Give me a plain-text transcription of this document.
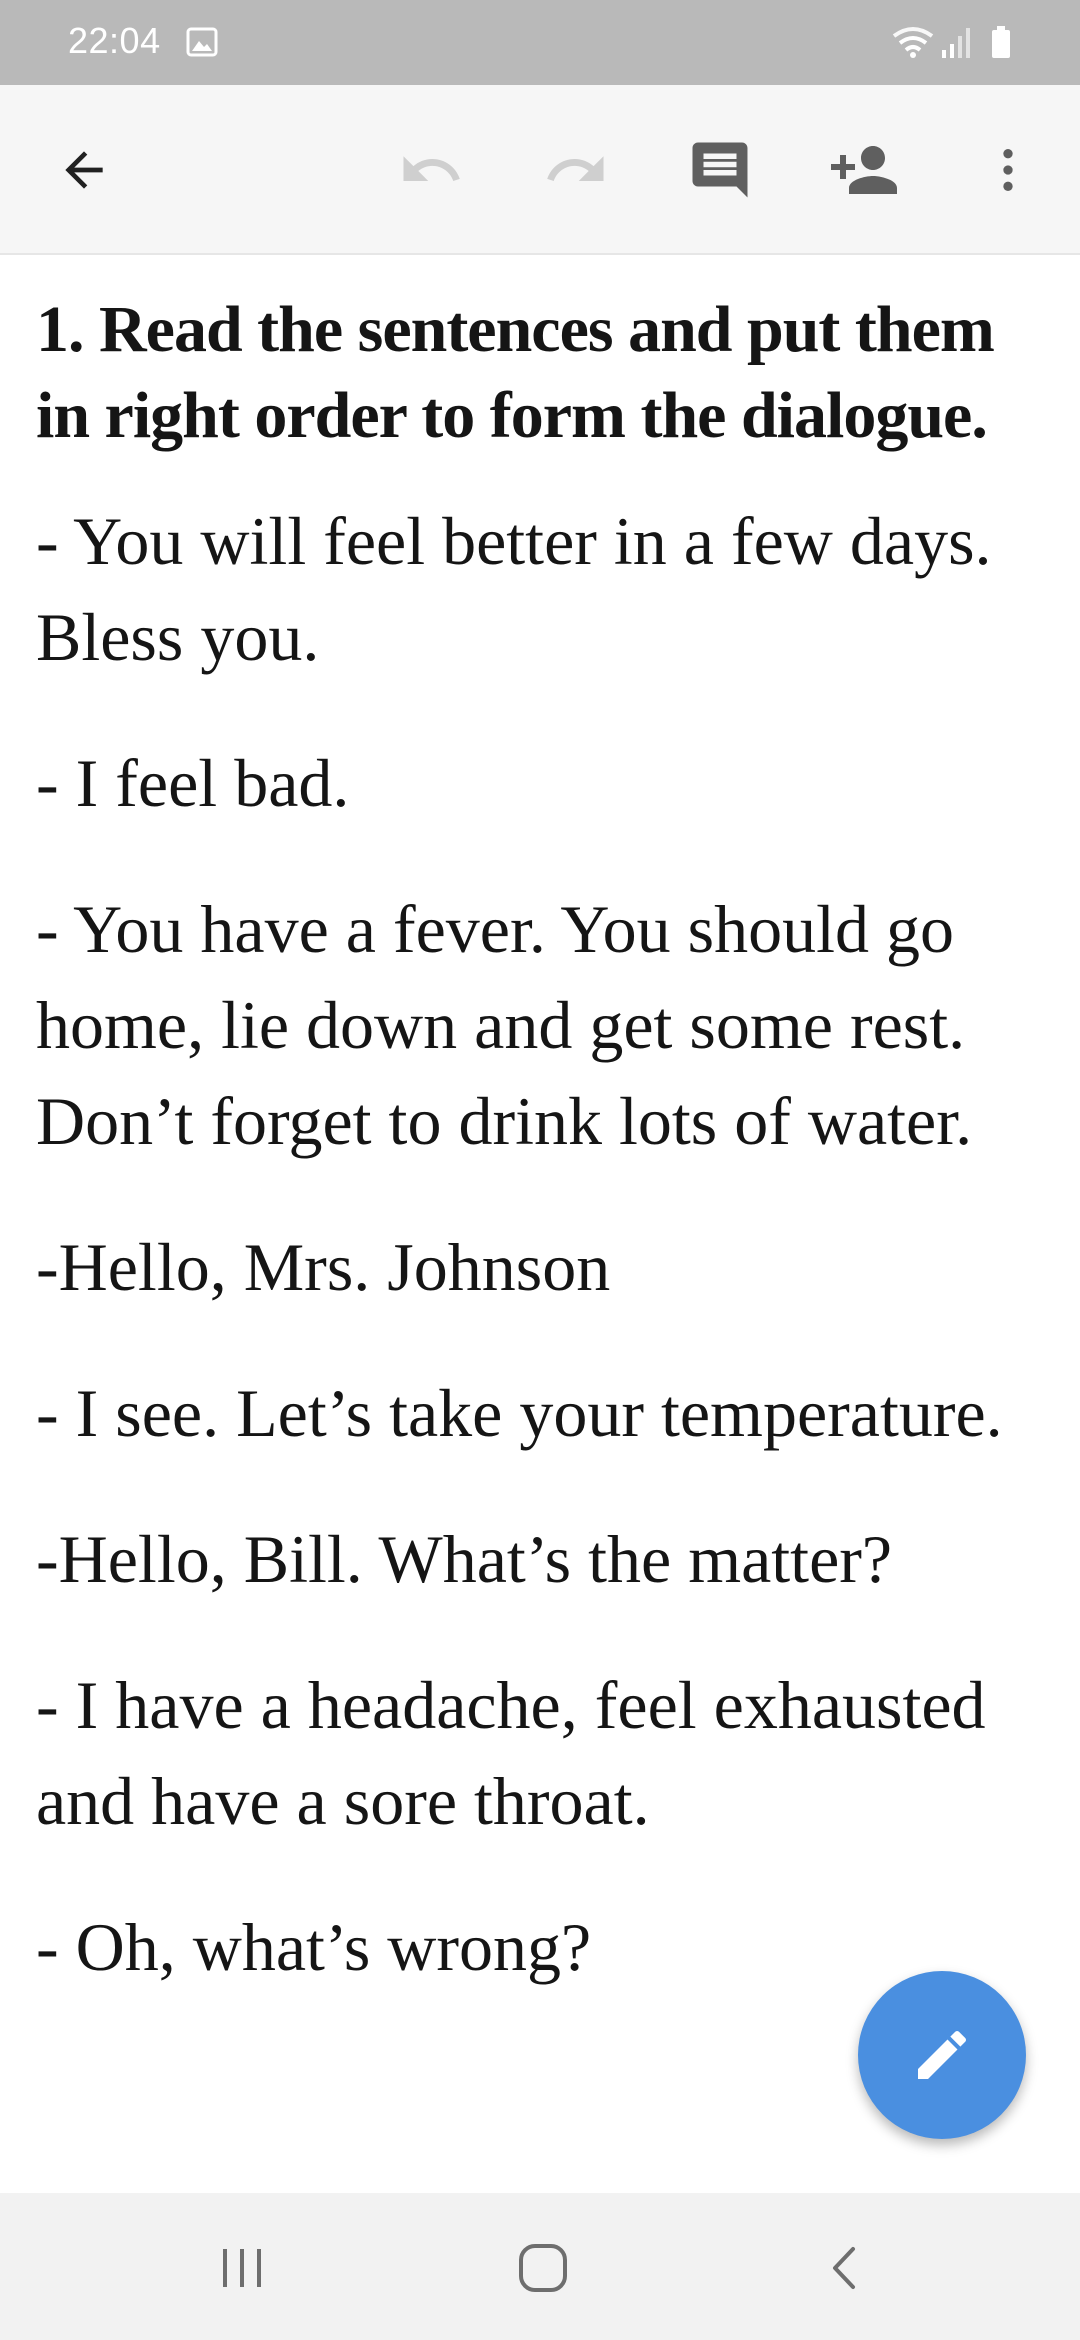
22:04

1. Read the sentences and put them in right order to form the dialogue.

- You will feel better in a few days. Bless you.

- I feel bad.

- You have a fever. You should go home, lie down and get some rest. Don’t forget to drink lots of water.

-Hello, Mrs. Johnson

- I see. Let’s take your temperature.

-Hello, Bill. What’s the matter?

- I have a headache, feel exhausted and have a sore throat.

- Oh, what’s wrong?
